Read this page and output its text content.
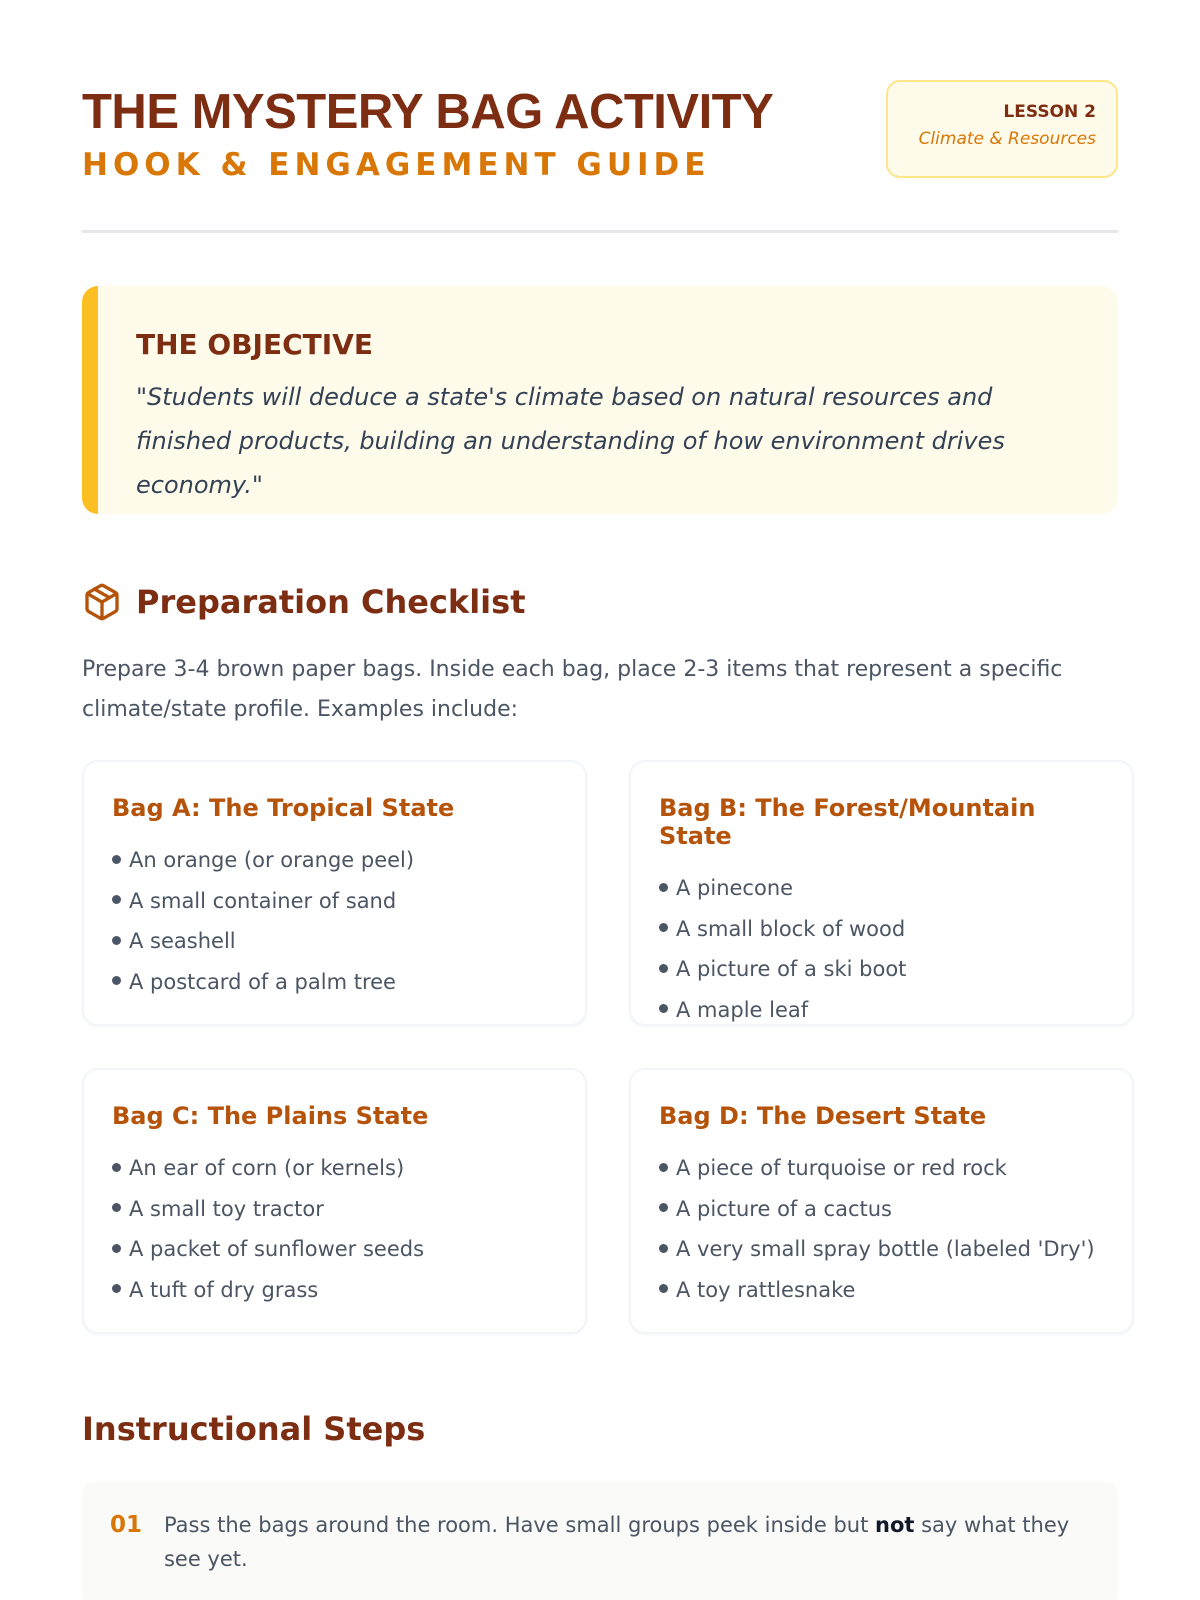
THE MYSTERY BAG ACTIVITY
HOOK & ENGAGEMENT GUIDE
LESSON 2
Climate & Resources
THE OBJECTIVE
"Students will deduce a state's climate based on natural resources and finished products, building an understanding of how environment drives economy."
Preparation Checklist

Prepare 3-4 brown paper bags. Inside each bag, place 2-3 items that represent a specific climate/state profile. Examples include:

Bag A: The Tropical State
An orange (or orange peel)
A small container of sand
A seashell
A postcard of a palm tree
Bag B: The Forest/Mountain State
A pinecone
A small block of wood
A picture of a ski boot
A maple leaf
Bag C: The Plains State
An ear of corn (or kernels)
A small toy tractor
A packet of sunflower seeds
A tuft of dry grass
Bag D: The Desert State
A piece of turquoise or red rock
A picture of a cactus
A very small spray bottle (labeled 'Dry')
A toy rattlesnake
Instructional Steps
01	Pass the bags around the room. Have small groups peek inside but not say what they see yet.
